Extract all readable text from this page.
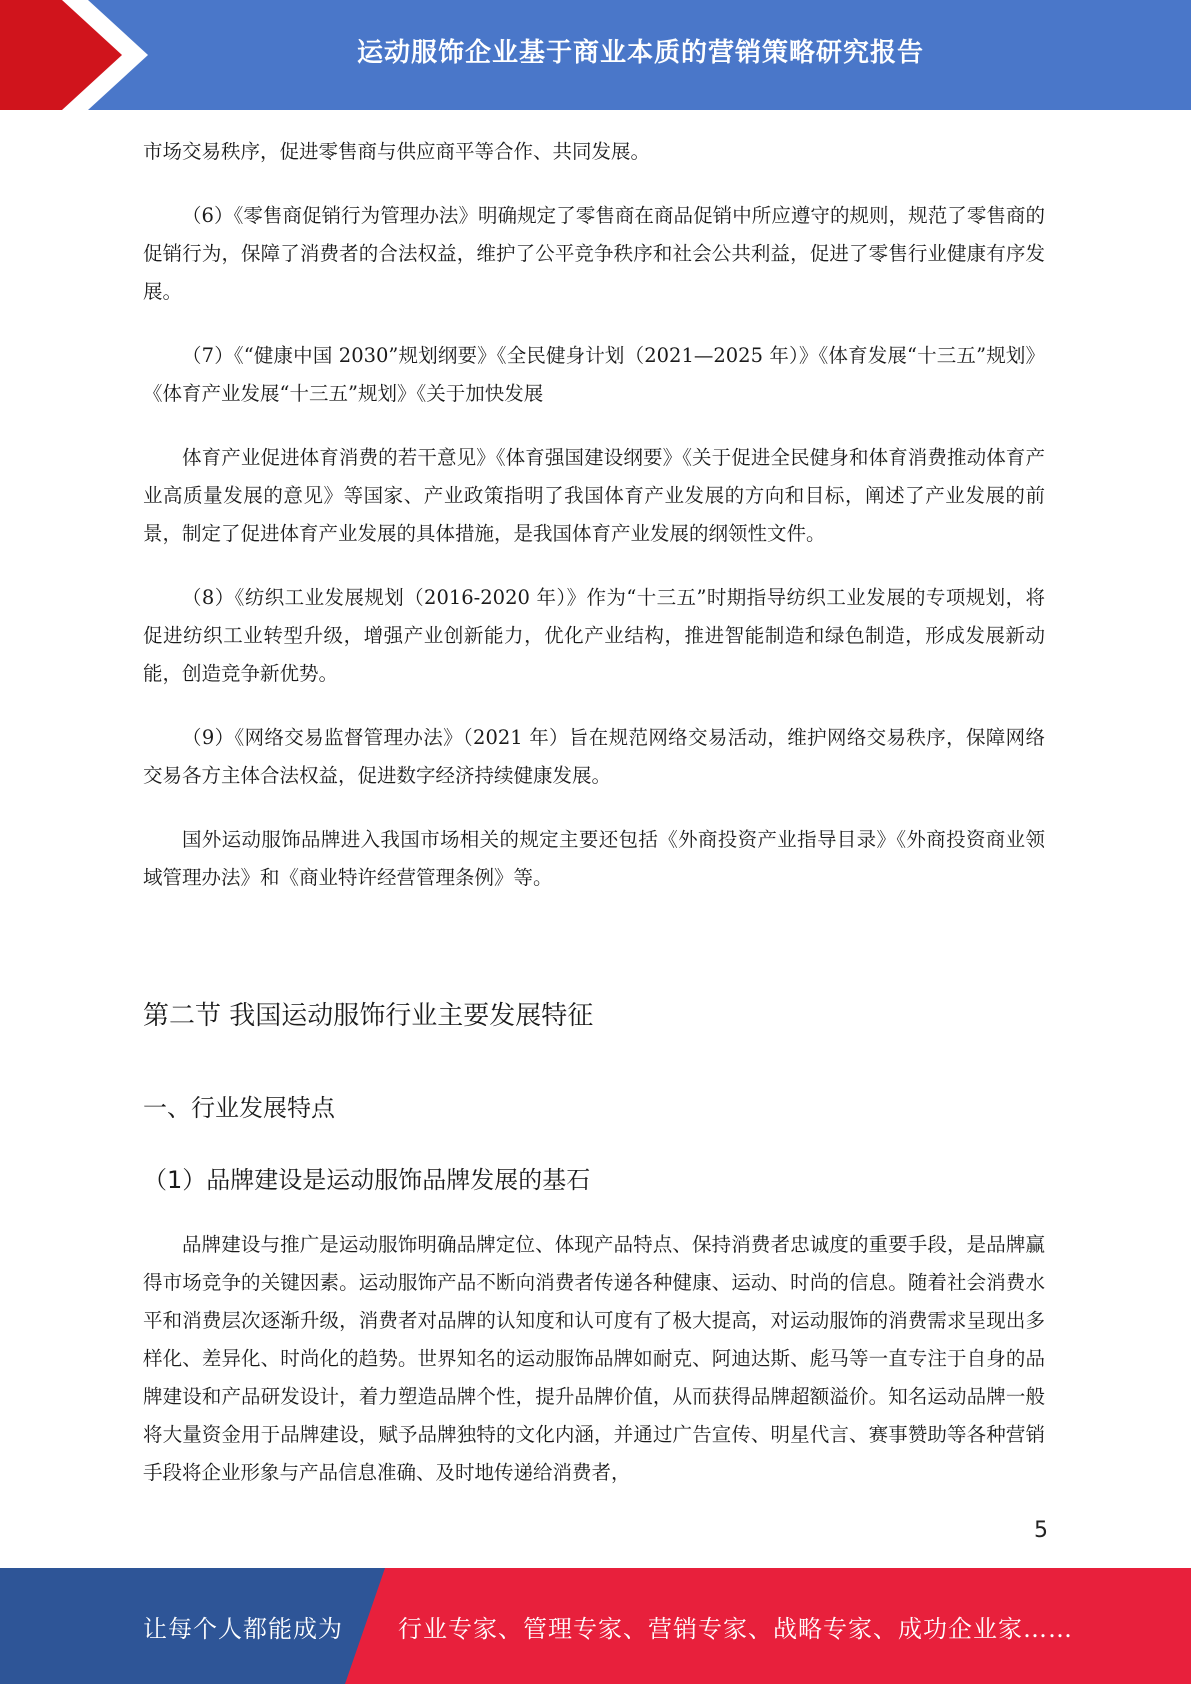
运动服饰企业基于商业本质的营销策略研究报告

市场交易秩序，促进零售商与供应商平等合作、共同发展。

（6）《零售商促销行为管理办法》明确规定了零售商在商品促销中所应遵守的规则，规范了零售商的促销行为，保障了消费者的合法权益，维护了公平竞争秩序和社会公共利益，促进了零售行业健康有序发展。

（7）《“健康中国 2030”规划纲要》《全民健身计划（2021—2025 年）》《体育发展“十三五”规划》《体育产业发展“十三五”规划》《关于加快发展

体育产业促进体育消费的若干意见》《体育强国建设纲要》《关于促进全民健身和体育消费推动体育产业高质量发展的意见》等国家、产业政策指明了我国体育产业发展的方向和目标，阐述了产业发展的前景，制定了促进体育产业发展的具体措施，是我国体育产业发展的纲领性文件。

（8）《纺织工业发展规划（2016-2020 年）》作为“十三五”时期指导纺织工业发展的专项规划，将促进纺织工业转型升级，增强产业创新能力，优化产业结构，推进智能制造和绿色制造，形成发展新动能，创造竞争新优势。

（9）《网络交易监督管理办法》（2021 年）旨在规范网络交易活动，维护网络交易秩序，保障网络交易各方主体合法权益，促进数字经济持续健康发展。

国外运动服饰品牌进入我国市场相关的规定主要还包括《外商投资产业指导目录》《外商投资商业领域管理办法》和《商业特许经营管理条例》等。

第二节 我国运动服饰行业主要发展特征
一、行业发展特点
（1）品牌建设是运动服饰品牌发展的基石

品牌建设与推广是运动服饰明确品牌定位、体现产品特点、保持消费者忠诚度的重要手段，是品牌赢得市场竞争的关键因素。运动服饰产品不断向消费者传递各种健康、运动、时尚的信息。随着社会消费水平和消费层次逐渐升级，消费者对品牌的认知度和认可度有了极大提高，对运动服饰的消费需求呈现出多样化、差异化、时尚化的趋势。世界知名的运动服饰品牌如耐克、阿迪达斯、彪马等一直专注于自身的品牌建设和产品研发设计，着力塑造品牌个性，提升品牌价值，从而获得品牌超额溢价。知名运动品牌一般将大量资金用于品牌建设，赋予品牌独特的文化内涵，并通过广告宣传、明星代言、赛事赞助等各种营销手段将企业形象与产品信息准确、及时地传递给消费者，

5
让每个人都能成为 行业专家、管理专家、营销专家、战略专家、成功企业家……
